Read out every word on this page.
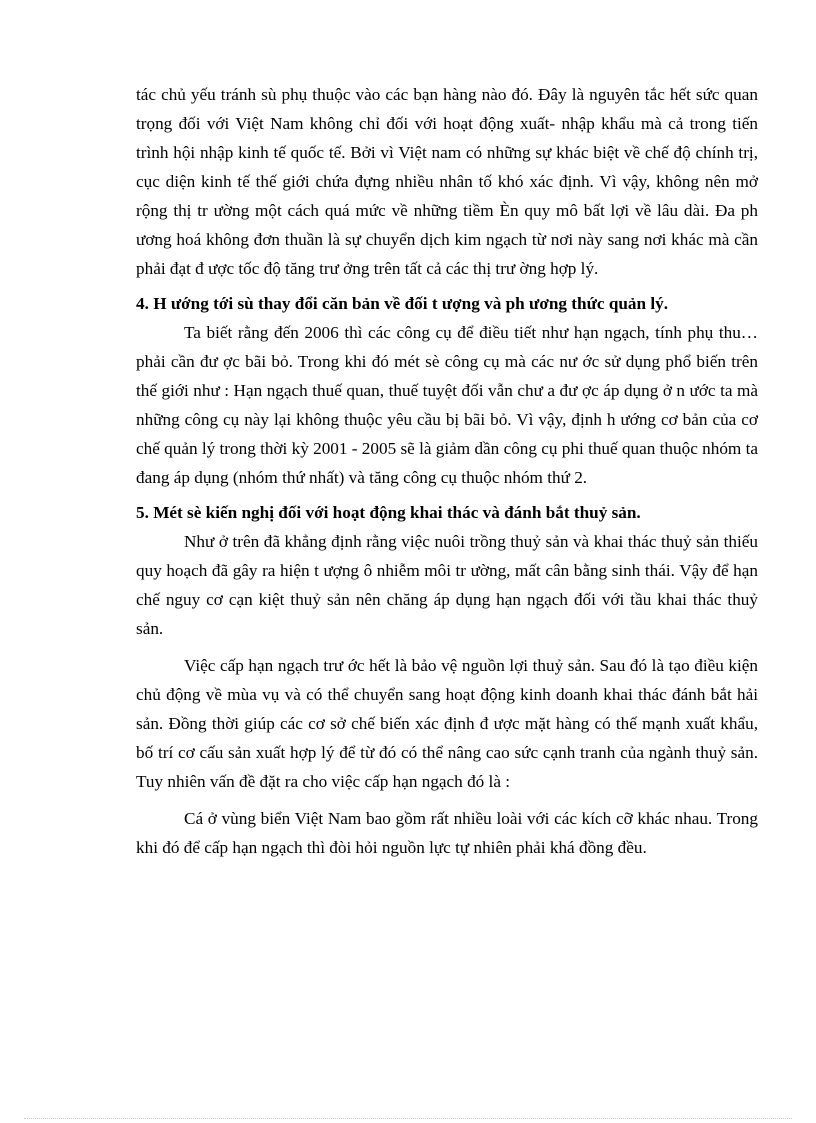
tác chủ yếu tránh sù phụ thuộc vào các bạn hàng nào đó. Đây là nguyên tắc hết sức quan trọng đối với Việt Nam không chỉ đối với hoạt động xuất- nhập khẩu mà cả trong tiến trình hội nhập kinh tế quốc tế. Bởi vì Việt nam có những sự khác biệt về chế độ chính trị, cục diện kinh tế thế giới chứa đựng nhiều nhân tố khó xác định. Vì vậy, không nên mở rộng thị tr ường một cách quá mức về những tiềm Èn quy mô bất lợi về lâu dài. Đa ph ương hoá không đơn thuần là sự chuyển dịch kim ngạch từ nơi này sang nơi khác mà cần phải đạt đ ược tốc độ tăng trư ởng trên tất cả các thị trư ờng hợp lý.

4. H ướng tới sù thay đổi căn bản về đối t ượng và ph ương thức quản lý.

Ta biết rằng đến 2006 thì các công cụ để điều tiết như hạn ngạch, tính phụ thu… phải cần đư ợc bãi bỏ. Trong khi đó mét sè công cụ mà các nư ớc sử dụng phổ biến trên thế giới như : Hạn ngạch thuế quan, thuế tuyệt đối vẫn chư a đư ợc áp dụng ở n ước ta mà những công cụ này lại không thuộc yêu cầu bị bãi bỏ. Vì vậy, định h ướng cơ bản của cơ chế quản lý trong thời kỳ 2001 - 2005 sẽ là giảm dần công cụ phi thuế quan thuộc nhóm ta đang áp dụng (nhóm thứ nhất) và tăng công cụ thuộc nhóm thứ 2.

5. Mét sè kiến nghị đối với hoạt động khai thác và đánh bắt thuỷ sản.

Như ở trên đã khẳng định rằng việc nuôi trồng thuỷ sản và khai thác thuỷ sản thiếu quy hoạch đã gây ra hiện t ượng ô nhiễm môi tr ường, mất cân bằng sinh thái. Vậy để hạn chế nguy cơ cạn kiệt thuỷ sản nên chăng áp dụng hạn ngạch đối với tầu khai thác thuỷ sản.

Việc cấp hạn ngạch trư ớc hết là bảo vệ nguồn lợi thuỷ sản. Sau đó là tạo điều kiện chủ động về mùa vụ và có thể chuyển sang hoạt động kinh doanh khai thác đánh bắt hải sản. Đồng thời giúp các cơ sở chế biến xác định đ ược mặt hàng có thế mạnh xuất khẩu, bố trí cơ cấu sản xuất hợp lý để từ đó có thể nâng cao sức cạnh tranh của ngành thuỷ sản. Tuy nhiên vấn đề đặt ra cho việc cấp hạn ngạch đó là :

Cá ở vùng biển Việt Nam bao gồm rất nhiều loài với các kích cỡ khác nhau. Trong khi đó để cấp hạn ngạch thì đòi hỏi nguồn lực tự nhiên phải khá đồng đều.
